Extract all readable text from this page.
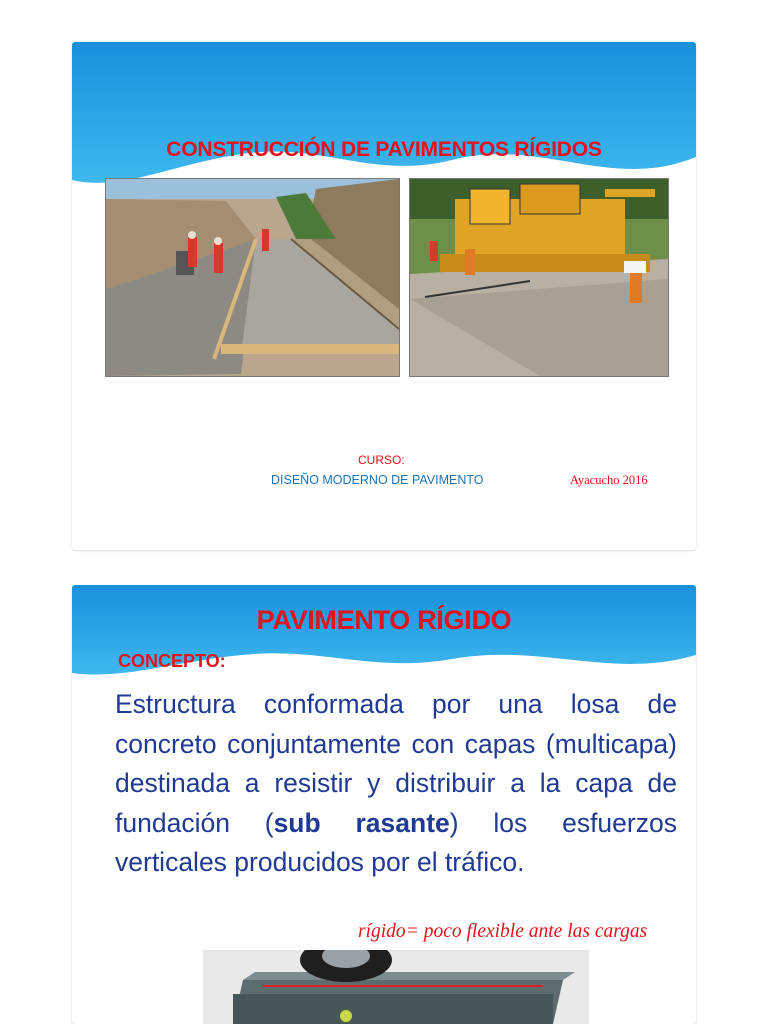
CONSTRUCCIÓN DE PAVIMENTOS RÍGIDOS
CURSO:
DISEÑO MODERNO DE PAVIMENTO	Ayacucho 2016
PAVIMENTO RÍGIDO
CONCEPTO:
Estructura conformada por una losa de concreto conjuntamente con capas (multicapa) destinada a resistir y distribuir a la capa de fundación (sub rasante) los esfuerzos verticales producidos por el tráfico.
rígido= poco flexible ante las cargas
